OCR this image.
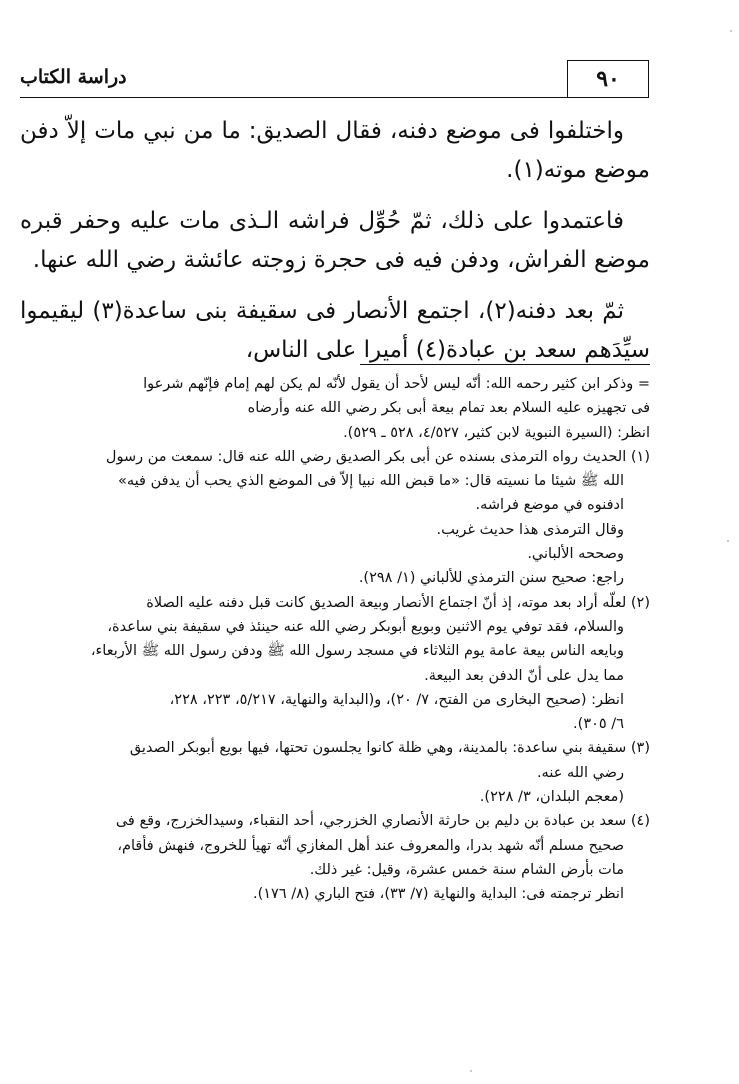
٩٠
دراسة الكتاب

واختلفوا فى موضع دفنه، فقال الصديق: ما من نبي مات إلاّ دفن موضع موته(١).

فاعتمدوا على ذلك، ثمّ حُوِّل فراشه الـذى مات عليه وحفر قبره موضع الفراش، ودفن فيه فى حجرة زوجته عائشة رضي الله عنها.

ثمّ بعد دفنه(٢)، اجتمع الأنصار فى سقيفة بنى ساعدة(٣) ليقيموا سيِّدَهم سعد بن عبادة(٤) أميرا على الناس،

= وذكر ابن كثير رحمه الله: أنّه ليس لأحد أن يقول لأنّه لم يكن لهم إمام فإنّهم شرعوا
فى تجهيزه عليه السلام بعد تمام بيعة أبى بكر رضي الله عنه وأرضاه
انظر: (السيرة النبوية لابن كثير، ٤/٥٢٧، ٥٢٨ ـ ٥٢٩).
(١) الحديث رواه الترمذى بسنده عن أبى بكر الصديق رضي الله عنه قال: سمعت من رسول
الله ﷺ شيئا ما نسيته قال: «ما قبض الله نبيا إلاّ فى الموضع الذي يحب أن يدفن فيه»
ادفنوه في موضع فراشه.
وقال الترمذى هذا حديث غريب.
وصححه الألباني.
راجع: صحيح سنن الترمذي للألباني (١/ ٢٩٨).
(٢) لعلّه أراد بعد موته، إذ أنّ اجتماع الأنصار وبيعة الصديق كانت قبل دفنه عليه الصلاة
والسلام، فقد توفي يوم الاثنين وبويع أبوبكر رضي الله عنه حينئذ في سقيفة بني ساعدة،
وبايعه الناس بيعة عامة يوم الثلاثاء في مسجد رسول الله ﷺ ودفن رسول الله ﷺ الأربعاء،
مما يدل على أنّ الدفن بعد البيعة.
انظر: (صحيح البخارى من الفتح، ٧/ ٢٠)، و(البداية والنهاية، ٥/٢١٧، ٢٢٣، ٢٢٨،
٦/ ٣٠٥).
(٣) سقيفة بني ساعدة: بالمدينة، وهي ظلة كانوا يجلسون تحتها، فيها بويع أبوبكر الصديق
رضي الله عنه.
(معجم البلدان، ٣/ ٢٢٨).
(٤) سعد بن عبادة بن دليم بن حارثة الأنصاري الخزرجي، أحد النقباء، وسيدالخزرج، وقع فى
صحيح مسلم أنّه شهد بدرا، والمعروف عند أهل المغازي أنّه تهيأ للخروج، فنهش فأقام،
مات بأرض الشام سنة خمس عشرة، وقيل: غير ذلك.
انظر ترجمته فى: البداية والنهاية (٧/ ٣٣)، فتح الباري (٨/ ١٧٦).
